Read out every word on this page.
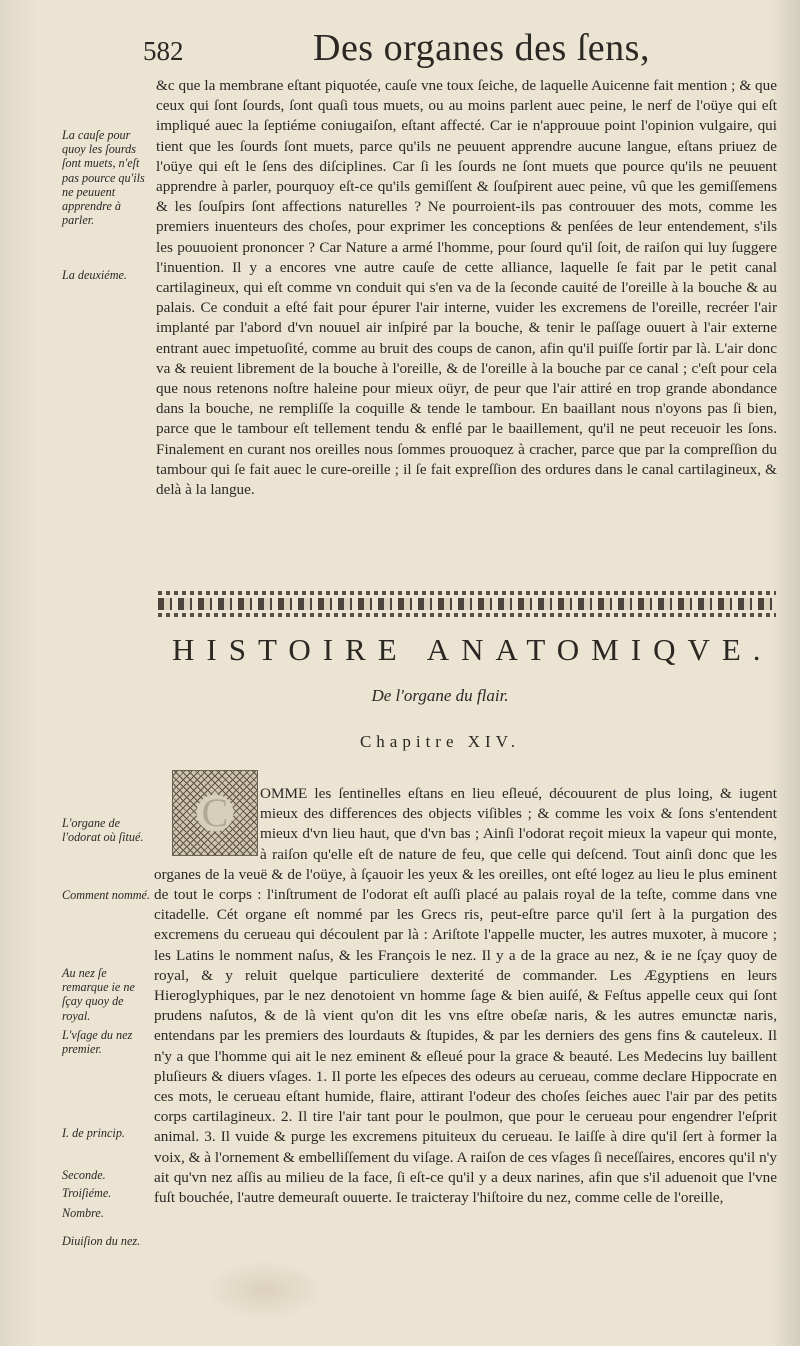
582	Des organes des ſens,

La cauſe pour quoy les ſourds ſont muets, n'eſt pas pource qu'ils ne peuuent apprendre à parler.

La deuxiéme.

&c que la membrane eſtant piquotée, cauſe vne toux ſeiche, de laquelle Auicenne fait mention ; & que ceux qui ſont ſourds, ſont quaſi tous muets, ou au moins parlent auec peine, le nerf de l'oüye qui eſt impliqué auec la ſeptiéme coniugaiſon, eſtant affecté. Car ie n'approuue point l'opinion vulgaire, qui tient que les ſourds ſont muets, parce qu'ils ne peuuent apprendre aucune langue, eſtans priuez de l'oüye qui eſt le ſens des diſciplines. Car ſi les ſourds ne ſont muets que pource qu'ils ne peuuent apprendre à parler, pourquoy eſt-ce qu'ils gemiſſent & ſouſpirent auec peine, vû que les gemiſſemens & les ſouſpirs ſont affections naturelles ? Ne pourroient-ils pas controuuer des mots, comme les premiers inuenteurs des choſes, pour exprimer les conceptions & penſées de leur entendement, s'ils les pouuoient prononcer ? Car Nature a armé l'homme, pour ſourd qu'il ſoit, de raiſon qui luy ſuggere l'inuention. Il y a encores vne autre cauſe de cette alliance, laquelle ſe fait par le petit canal cartilagineux, qui eſt comme vn conduit qui s'en va de la ſeconde cauité de l'oreille à la bouche & au palais. Ce conduit a eſté fait pour épurer l'air interne, vuider les excremens de l'oreille, recréer l'air implanté par l'abord d'vn nouuel air inſpiré par la bouche, & tenir le paſſage ouuert à l'air externe entrant auec impetuoſité, comme au bruit des coups de canon, afin qu'il puiſſe ſortir par là. L'air donc va & reuient librement de la bouche à l'oreille, & de l'oreille à la bouche par ce canal ; c'eſt pour cela que nous retenons noſtre haleine pour mieux oüyr, de peur que l'air attiré en trop grande abondance dans la bouche, ne rempliſſe la coquille & tende le tambour. En baaillant nous n'oyons pas ſi bien, parce que le tambour eſt tellement tendu & enflé par le baaillement, qu'il ne peut receuoir les ſons. Finalement en curant nos oreilles nous ſommes prouoquez à cracher, parce que par la compreſſion du tambour qui ſe fait auec le cure-oreille ; il ſe fait expreſſion des ordures dans le canal cartilagineux, & delà à la langue.

HISTOIRE ANATOMIQVE.
De l'organe du flair.
Chapitre XIV.
C

L'organe de l'odorat où ſitué.

Comment nommé.

Au nez ſe remarque ie ne ſçay quoy de royal.

L'vſage du nez premier.

I. de princip.

Seconde.

Troiſiéme.

Nombre.

Diuiſion du nez.

OMME les ſentinelles eſtans en lieu eſleué, découurent de plus loing, & iugent mieux des differences des objects viſibles ; & comme les voix & ſons s'entendent mieux d'vn lieu haut, que d'vn bas ; Ainſi l'odorat reçoit mieux la vapeur qui monte, à raiſon qu'elle eſt de nature de feu, que celle qui deſcend. Tout ainſi donc que les organes de la veuë & de l'oüye, à ſçauoir les yeux & les oreilles, ont eſté logez au lieu le plus eminent de tout le corps : l'inſtrument de l'odorat eſt auſſi placé au palais royal de la teſte, comme dans vne citadelle. Cét organe eſt nommé par les Grecs ris, peut-eſtre parce qu'il ſert à la purgation des excremens du cerueau qui découlent par là : Ariſtote l'appelle mucter, les autres muxoter, à mucore ; les Latins le nomment naſus, & les François le nez. Il y a de la grace au nez, & ie ne ſçay quoy de royal, & y reluit quelque particuliere dexterité de commander. Les Ægyptiens en leurs Hieroglyphiques, par le nez denotoient vn homme ſage & bien auiſé, & Feſtus appelle ceux qui ſont prudens naſutos, & de là vient qu'on dit les vns eſtre obeſæ naris, & les autres emunctæ naris, entendans par les premiers des lourdauts & ſtupides, & par les derniers des gens fins & cauteleux. Il n'y a que l'homme qui ait le nez eminent & eſleué pour la grace & beauté. Les Medecins luy baillent pluſieurs & diuers vſages. 1. Il porte les eſpeces des odeurs au cerueau, comme declare Hippocrate en ces mots, le cerueau eſtant humide, flaire, attirant l'odeur des choſes ſeiches auec l'air par des petits corps cartilagineux. 2. Il tire l'air tant pour le poulmon, que pour le cerueau pour engendrer l'eſprit animal. 3. Il vuide & purge les excremens pituiteux du cerueau. Ie laiſſe à dire qu'il ſert à former la voix, & à l'ornement & embelliſſement du viſage. A raiſon de ces vſages ſi neceſſaires, encores qu'il n'y ait qu'vn nez aſſis au milieu de la face, ſi eſt-ce qu'il y a deux narines, afin que s'il aduenoit que l'vne fuſt bouchée, l'autre demeuraſt ouuerte. Ie traicteray l'hiſtoire du nez, comme celle de l'oreille,
